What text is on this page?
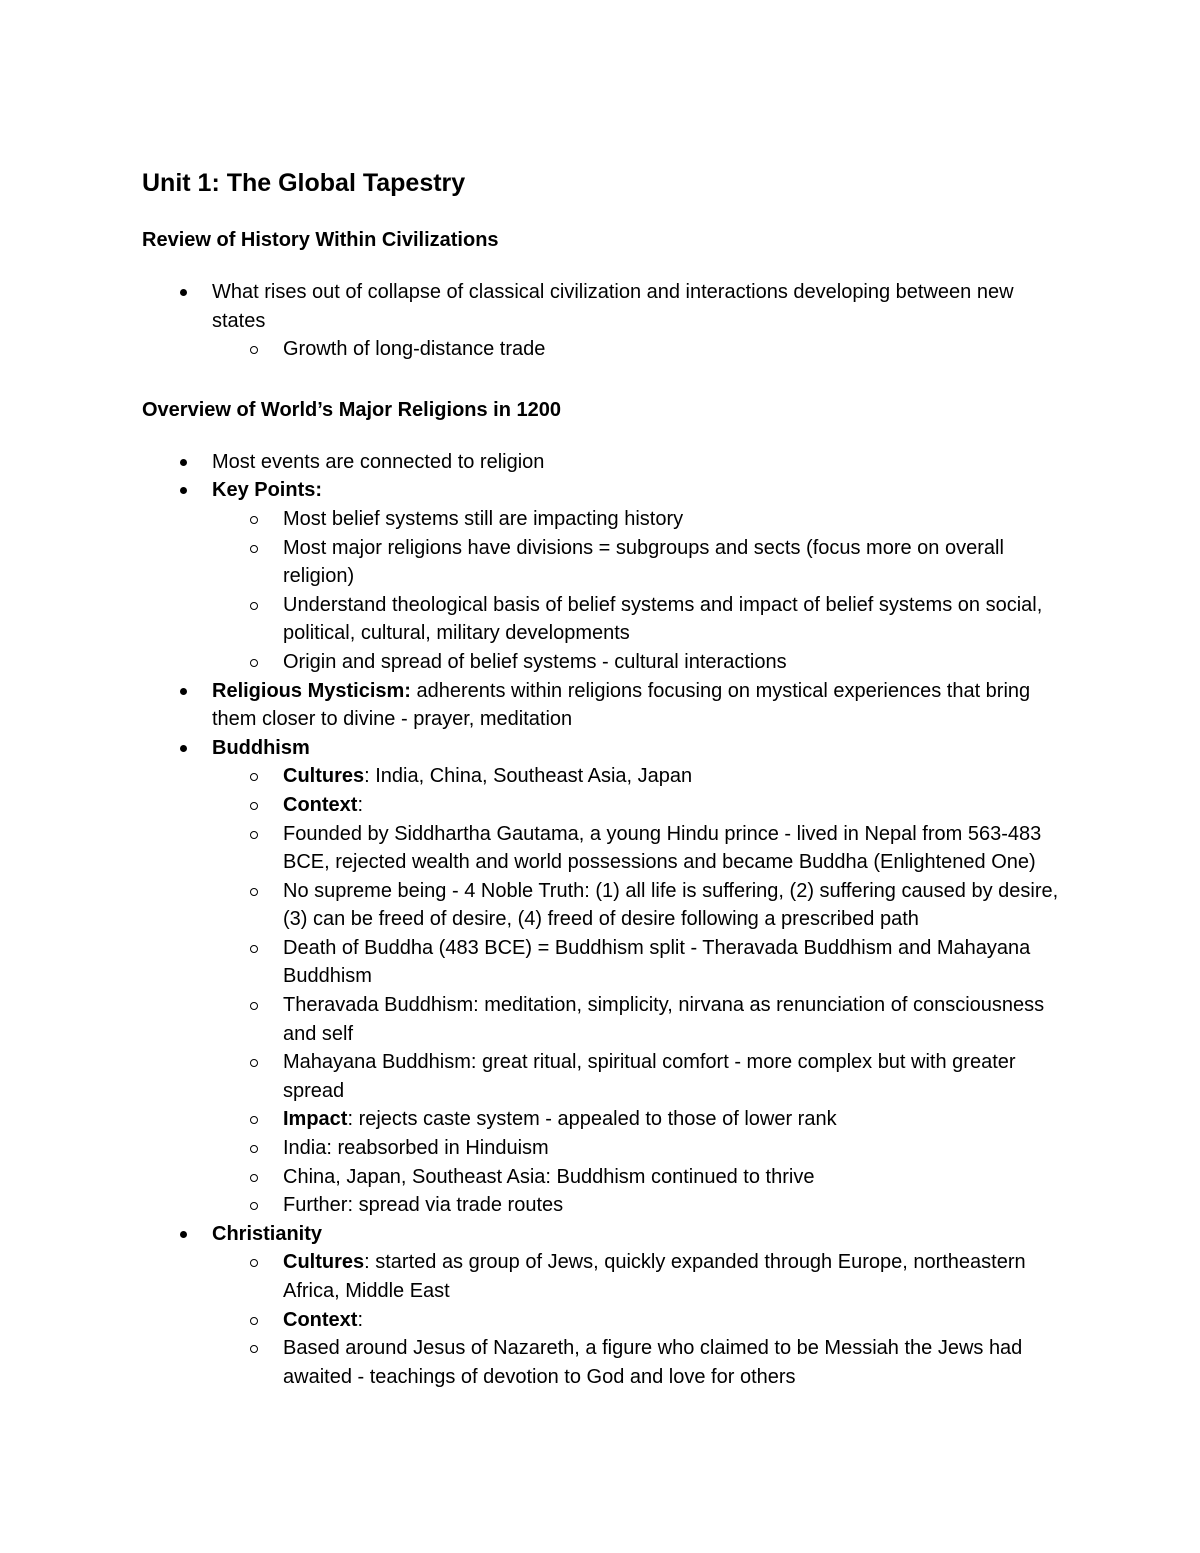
Unit 1: The Global Tapestry
Review of History Within Civilizations
What rises out of collapse of classical civilization and interactions developing between new states
Growth of long-distance trade
Overview of World’s Major Religions in 1200
Most events are connected to religion
Key Points:
Most belief systems still are impacting history
Most major religions have divisions = subgroups and sects (focus more on overall religion)
Understand theological basis of belief systems and impact of belief systems on social, political, cultural, military developments
Origin and spread of belief systems - cultural interactions
Religious Mysticism: adherents within religions focusing on mystical experiences that bring them closer to divine - prayer, meditation
Buddhism
Cultures: India, China, Southeast Asia, Japan
Context:
Founded by Siddhartha Gautama, a young Hindu prince - lived in Nepal from 563-483 BCE, rejected wealth and world possessions and became Buddha (Enlightened One)
No supreme being - 4 Noble Truth: (1) all life is suffering, (2) suffering caused by desire, (3) can be freed of desire, (4) freed of desire following a prescribed path
Death of Buddha (483 BCE) = Buddhism split - Theravada Buddhism and Mahayana Buddhism
Theravada Buddhism: meditation, simplicity, nirvana as renunciation of consciousness and self
Mahayana Buddhism: great ritual, spiritual comfort - more complex but with greater spread
Impact: rejects caste system - appealed to those of lower rank
India: reabsorbed in Hinduism
China, Japan, Southeast Asia: Buddhism continued to thrive
Further: spread via trade routes
Christianity
Cultures: started as group of Jews, quickly expanded through Europe, northeastern Africa, Middle East
Context:
Based around Jesus of Nazareth, a figure who claimed to be Messiah the Jews had awaited - teachings of devotion to God and love for others
